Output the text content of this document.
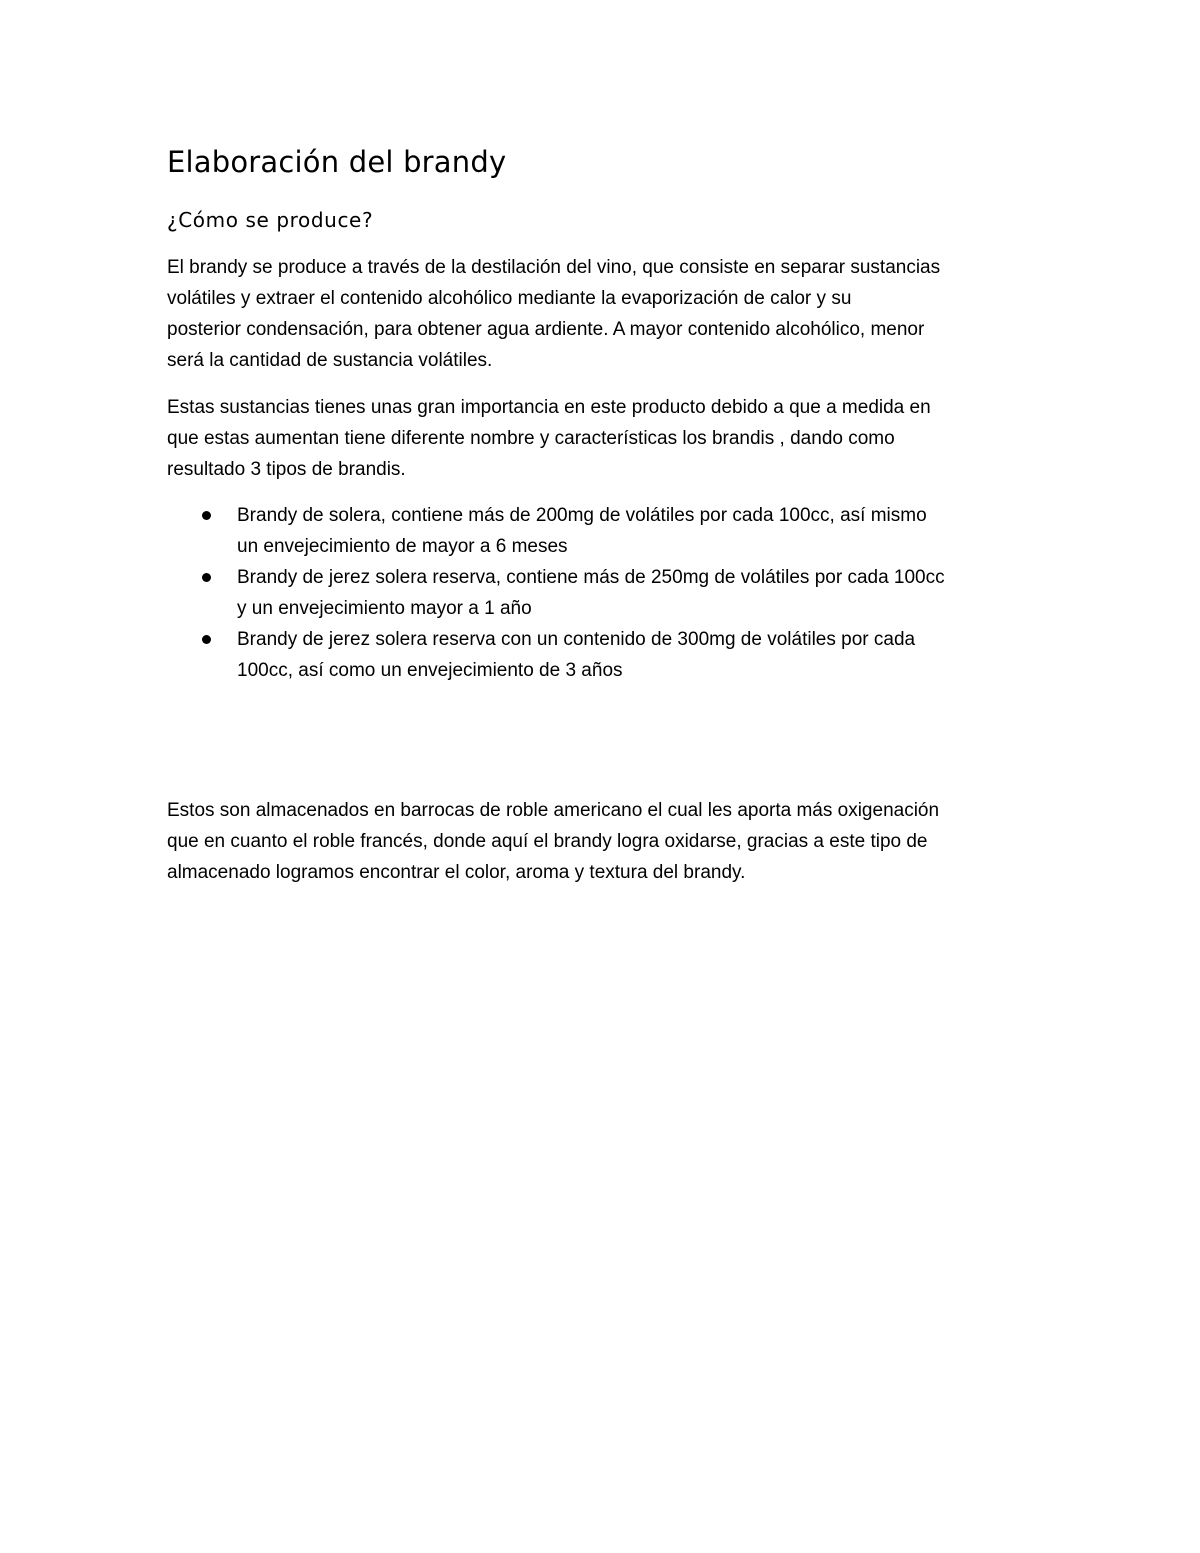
Elaboración del brandy
¿Cómo se produce?

El brandy se produce a través de la destilación del vino, que consiste en separar sustancias
volátiles y extraer el contenido alcohólico mediante la evaporización de calor y su
posterior condensación, para obtener agua ardiente. A mayor contenido alcohólico, menor
será la cantidad de sustancia volátiles.

Estas sustancias tienes unas gran importancia en este producto debido a que a medida en
que estas aumentan tiene diferente nombre y características los brandis , dando como
resultado 3 tipos de brandis.

Brandy de solera, contiene más de 200mg de volátiles por cada 100cc, así mismo
un envejecimiento de mayor a 6 meses
Brandy de jerez solera reserva, contiene más de 250mg de volátiles por cada 100cc
y un envejecimiento mayor a 1 año
Brandy de jerez solera reserva con un contenido de 300mg de volátiles por cada
100cc, así como un envejecimiento de 3 años

Estos son almacenados en barrocas de roble americano el cual les aporta más oxigenación
que en cuanto el roble francés, donde aquí el brandy logra oxidarse, gracias a este tipo de
almacenado logramos encontrar el color, aroma y textura del brandy.
